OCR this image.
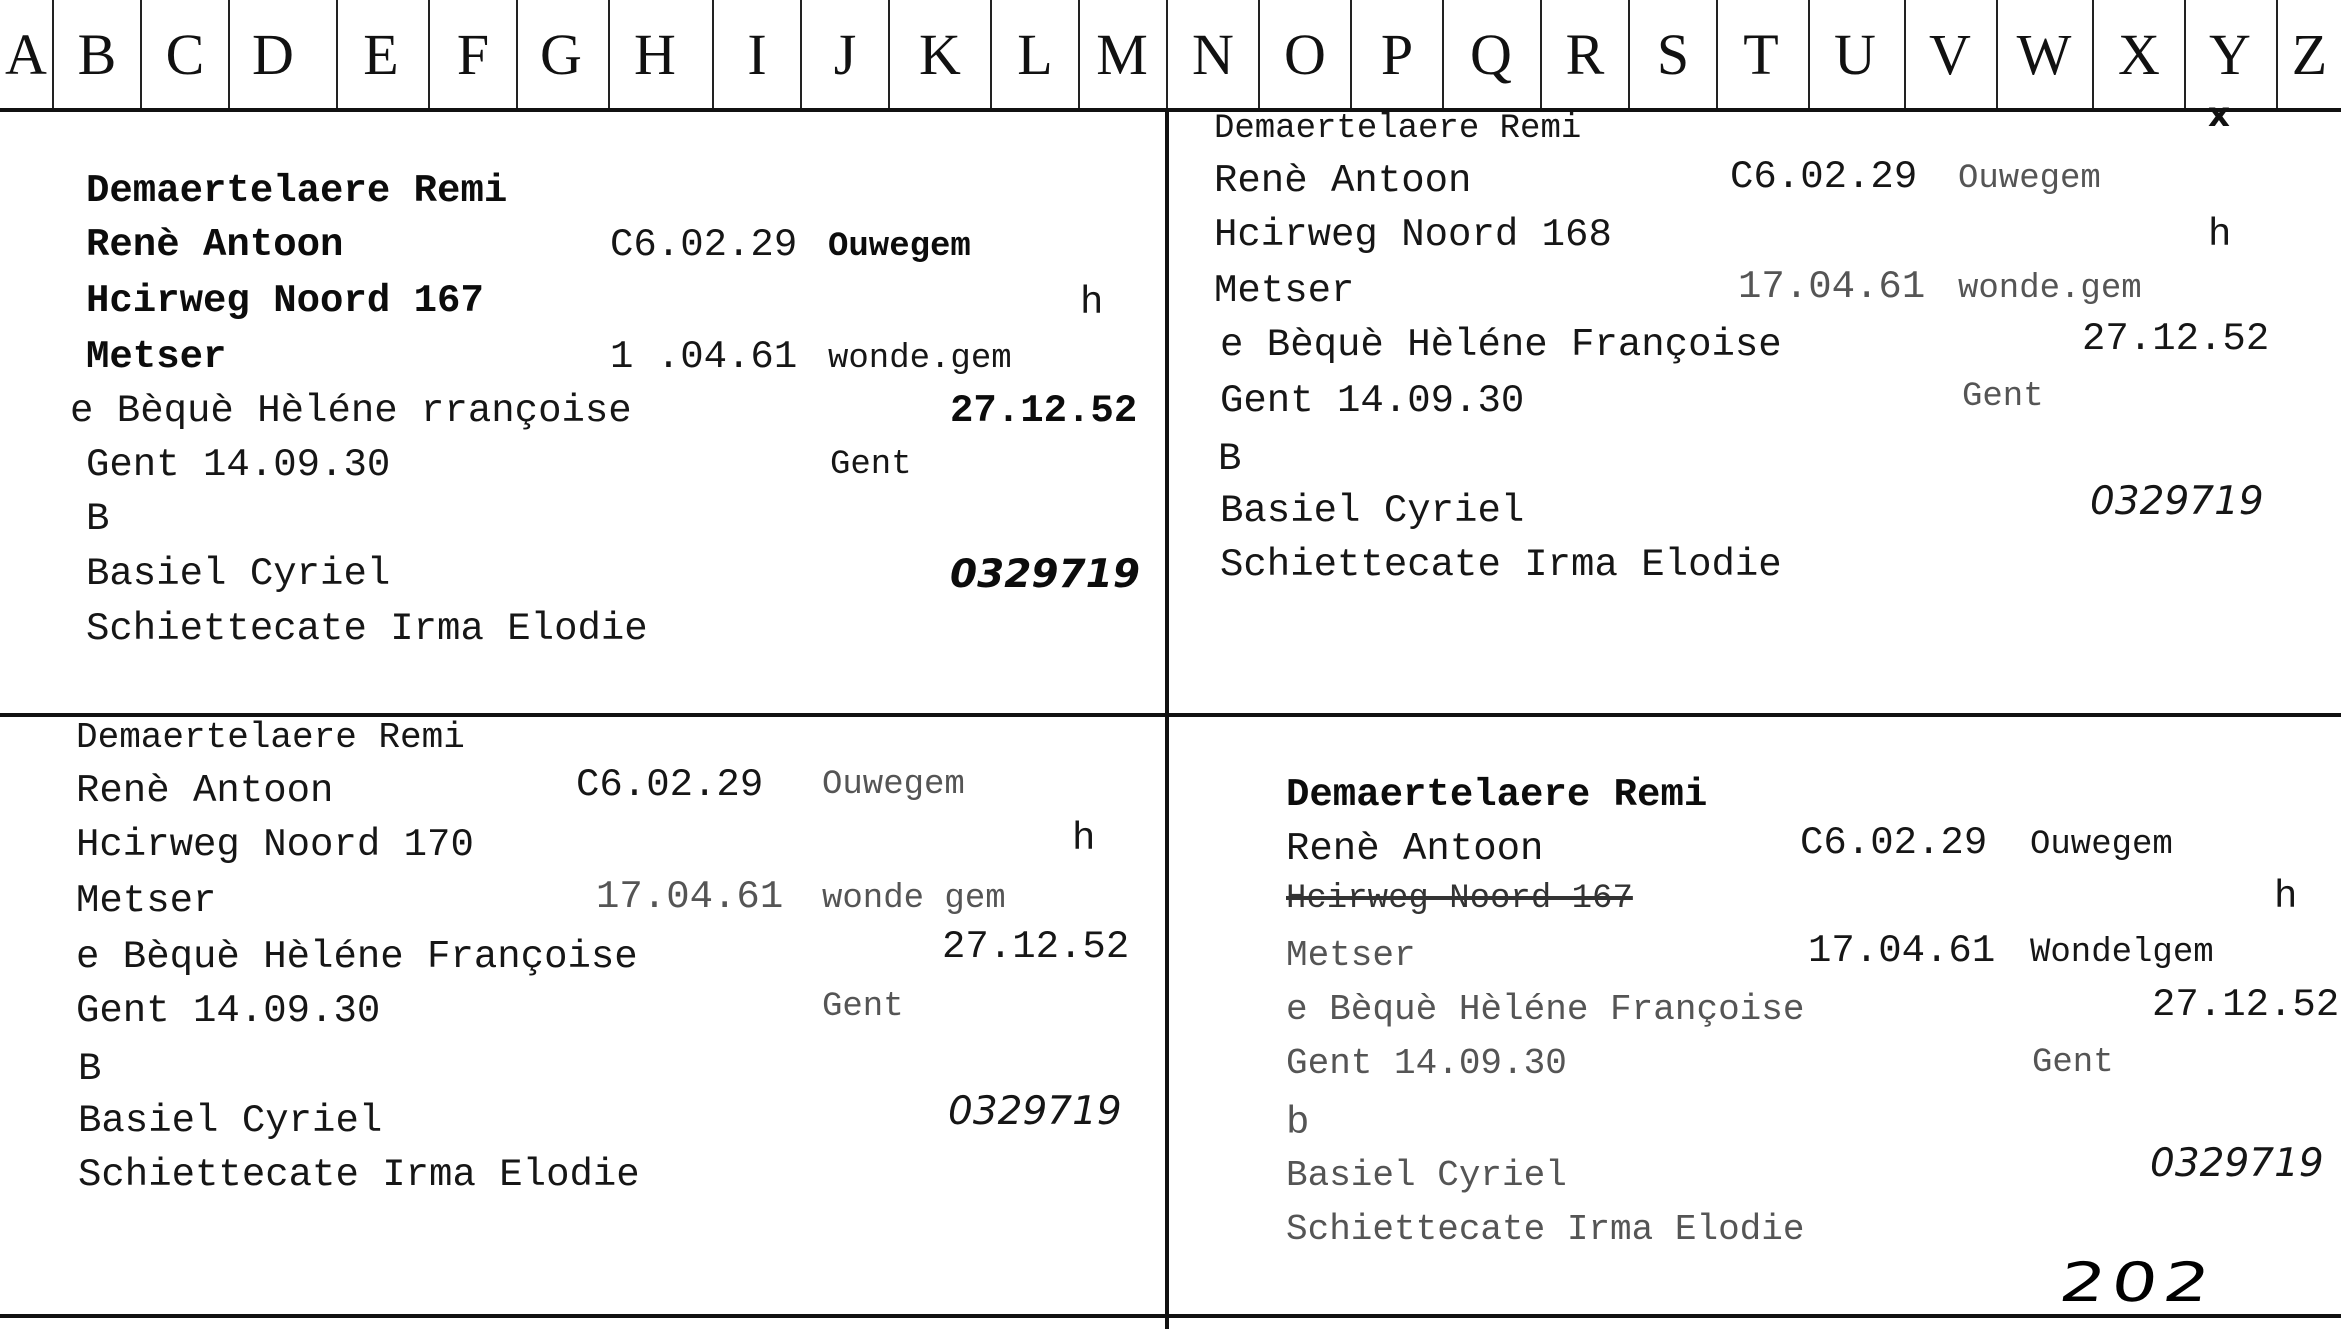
A B C D	E	F G H	I	J	K L M N O P Q R S T U V W X Y Z
x
Demaertelaere Remi
Renè Antoon	C6.02.29 Ouwegem
Hcirweg Noord 167	h
Metser	1 .04.61 wonde.gem
e Bèquè Hèléne rrançoise	27.12.52
Gent 14.09.30	Gent
B
Basiel Cyriel	0329719
Schiettecate Irma Elodie
Demaertelaere Remi
Renè Antoon	C6.02.29 Ouwegem
Hcirweg Noord 168	h
Metser	17.04.61 wonde.gem
e Bèquè Hèléne Françoise	27.12.52
Gent 14.09.30	Gent
B
Basiel Cyriel	0329719
Schiettecate Irma Elodie
Demaertelaere Remi
Renè Antoon	C6.02.29 Ouwegem
Hcirweg Noord 170	h
Metser	17.04.61 wonde gem
e Bèquè Hèléne Françoise	27.12.52
Gent 14.09.30	Gent
B
Basiel Cyriel	0329719
Schiettecate Irma Elodie
Demaertelaere Remi
Renè Antoon	C6.02.29 Ouwegem
Hcirweg Noord 167	h
Metser	17.04.61 Wondelgem
e Bèquè Hèléne Françoise	27.12.52
Gent 14.09.30	Gent
b
Basiel Cyriel	0329719
Schiettecate Irma Elodie
202
